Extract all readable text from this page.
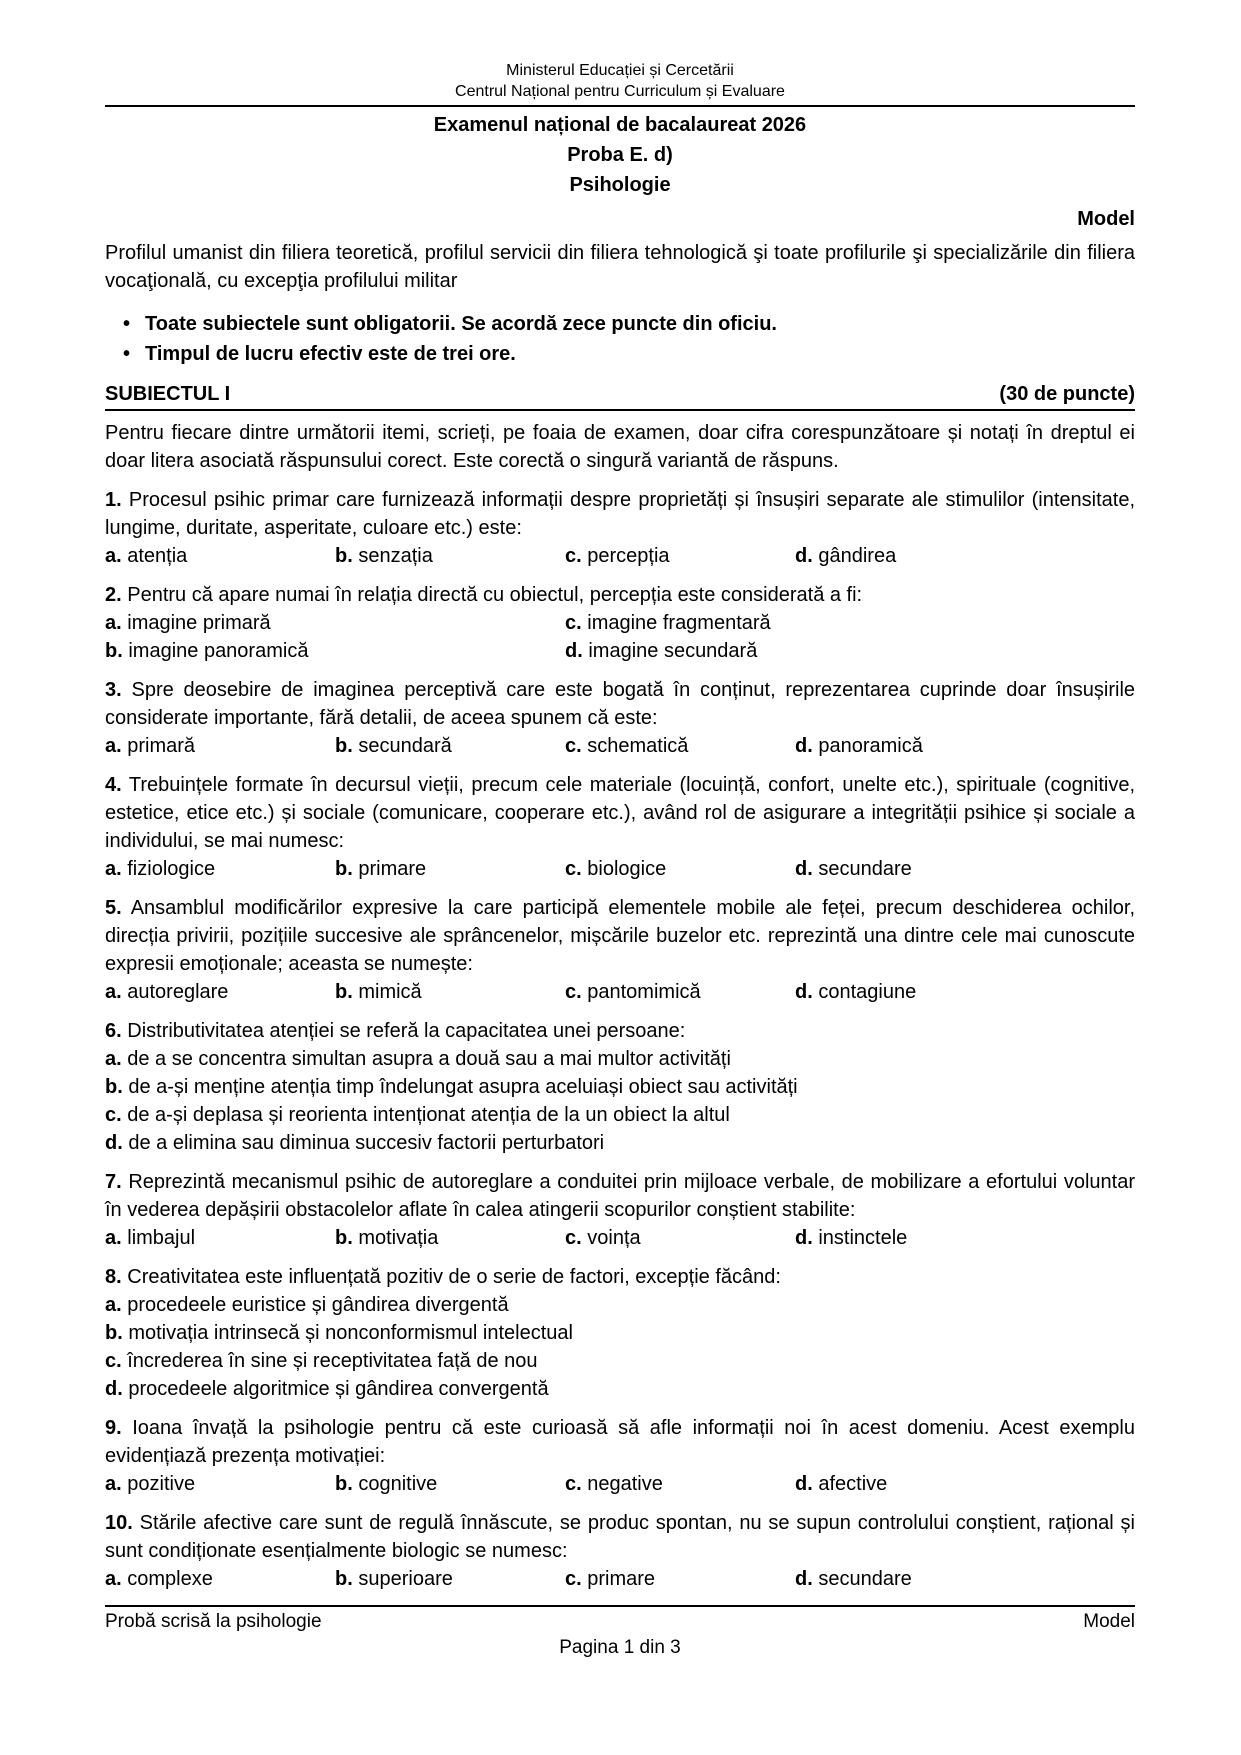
Ministerul Educației și Cercetării
Centrul Național pentru Curriculum și Evaluare
Examenul național de bacalaureat 2026
Proba E. d)
Psihologie
Model

Profilul umanist din filiera teoretică, profilul servicii din filiera tehnologică şi toate profilurile şi specializările din filiera vocaţională, cu excepţia profilului militar

• Toate subiectele sunt obligatorii. Se acordă zece puncte din oficiu.
• Timpul de lucru efectiv este de trei ore.
SUBIECTUL I	(30 de puncte)

Pentru fiecare dintre următorii itemi, scrieți, pe foaia de examen, doar cifra corespunzătoare și notați în dreptul ei doar litera asociată răspunsului corect. Este corectă o singură variantă de răspuns.

1. Procesul psihic primar care furnizează informații despre proprietăți și însușiri separate ale stimulilor (intensitate, lungime, duritate, asperitate, culoare etc.) este:

a. atenția	b. senzația	c. percepția	d. gândirea

2. Pentru că apare numai în relația directă cu obiectul, percepția este considerată a fi:

a. imagine primară	c. imagine fragmentară
b. imagine panoramică	d. imagine secundară

3. Spre deosebire de imaginea perceptivă care este bogată în conținut, reprezentarea cuprinde doar însușirile considerate importante, fără detalii, de aceea spunem că este:

a. primară	b. secundară	c. schematică	d. panoramică

4. Trebuințele formate în decursul vieții, precum cele materiale (locuință, confort, unelte etc.), spirituale (cognitive, estetice, etice etc.) și sociale (comunicare, cooperare etc.), având rol de asigurare a integrității psihice și sociale a individului, se mai numesc:

a. fiziologice	b. primare	c. biologice	d. secundare

5. Ansamblul modificărilor expresive la care participă elementele mobile ale feței, precum deschiderea ochilor, direcția privirii, pozițiile succesive ale sprâncenelor, mișcările buzelor etc. reprezintă una dintre cele mai cunoscute expresii emoționale; aceasta se numește:

a. autoreglare	b. mimică	c. pantomimică	d. contagiune

6. Distributivitatea atenției se referă la capacitatea unei persoane:

a. de a se concentra simultan asupra a două sau a mai multor activități
b. de a-și menține atenția timp îndelungat asupra aceluiași obiect sau activități
c. de a-și deplasa și reorienta intenționat atenția de la un obiect la altul
d. de a elimina sau diminua succesiv factorii perturbatori

7. Reprezintă mecanismul psihic de autoreglare a conduitei prin mijloace verbale, de mobilizare a efortului voluntar în vederea depășirii obstacolelor aflate în calea atingerii scopurilor conștient stabilite:

a. limbajul	b. motivația	c. voința	d. instinctele

8. Creativitatea este influențată pozitiv de o serie de factori, excepție făcând:

a. procedeele euristice și gândirea divergentă
b. motivația intrinsecă și nonconformismul intelectual
c. încrederea în sine și receptivitatea față de nou
d. procedeele algoritmice și gândirea convergentă

9. Ioana învață la psihologie pentru că este curioasă să afle informații noi în acest domeniu. Acest exemplu evidențiază prezența motivației:

a. pozitive	b. cognitive	c. negative	d. afective

10. Stările afective care sunt de regulă înnăscute, se produc spontan, nu se supun controlului conștient, rațional și sunt condiționate esențialmente biologic se numesc:

a. complexe	b. superioare	c. primare	d. secundare
Probă scrisă la psihologie	Model
Pagina 1 din 3
